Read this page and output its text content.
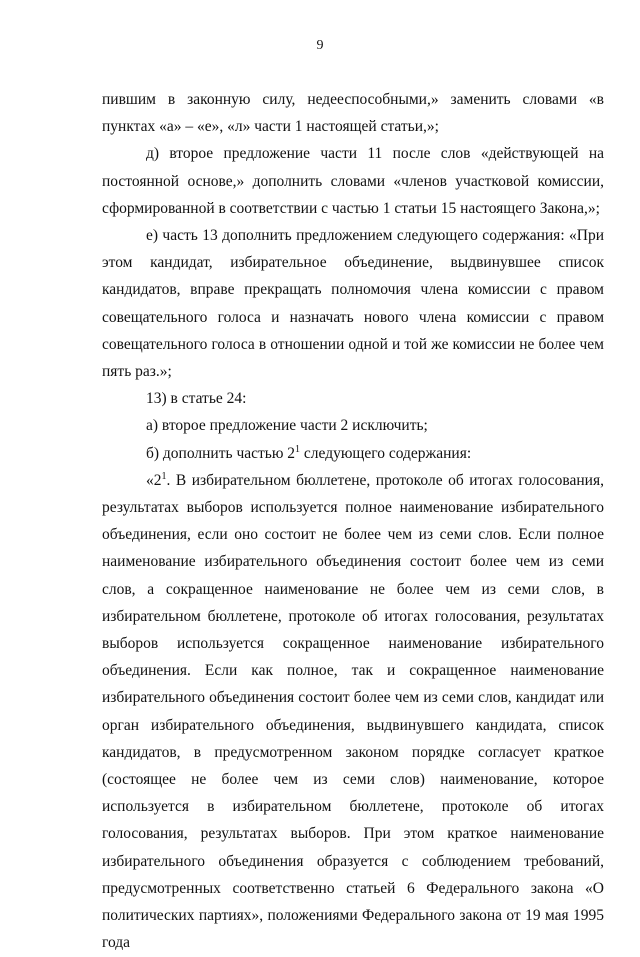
9

пившим в законную силу, недееспособными,» заменить словами «в пунктах «а» – «е», «л» части 1 настоящей статьи,»;

д) второе предложение части 11 после слов «действующей на постоянной основе,» дополнить словами «членов участковой комиссии, сформированной в соответствии с частью 1 статьи 15 настоящего Закона,»;

е) часть 13 дополнить предложением следующего содержания: «При этом кандидат, избирательное объединение, выдвинувшее список кандидатов, вправе прекращать полномочия члена комиссии с правом совещательного голоса и назначать нового члена комиссии с правом совещательного голоса в отношении одной и той же комиссии не более чем пять раз.»;

13) в статье 24:

а) второе предложение части 2 исключить;

б) дополнить частью $2^1$ следующего содержания:

«$2^1$. В избирательном бюллетене, протоколе об итогах голосования, результатах выборов используется полное наименование избирательного объединения, если оно состоит не более чем из семи слов. Если полное наименование избирательного объединения состоит более чем из семи слов, а сокращенное наименование не более чем из семи слов, в избирательном бюллетене, протоколе об итогах голосования, результатах выборов используется сокращенное наименование избирательного объединения. Если как полное, так и сокращенное наименование избирательного объединения состоит более чем из семи слов, кандидат или орган избирательного объединения, выдвинувшего кандидата, список кандидатов, в предусмотренном законом порядке согласует краткое (состоящее не более чем из семи слов) наименование, которое используется в избирательном бюллетене, протоколе об итогах голосования, результатах выборов. При этом краткое наименование избирательного объединения образуется с соблюдением требований, предусмотренных соответственно статьей 6 Федерального закона «О политических партиях», положениями Федерального закона от 19 мая 1995 года
